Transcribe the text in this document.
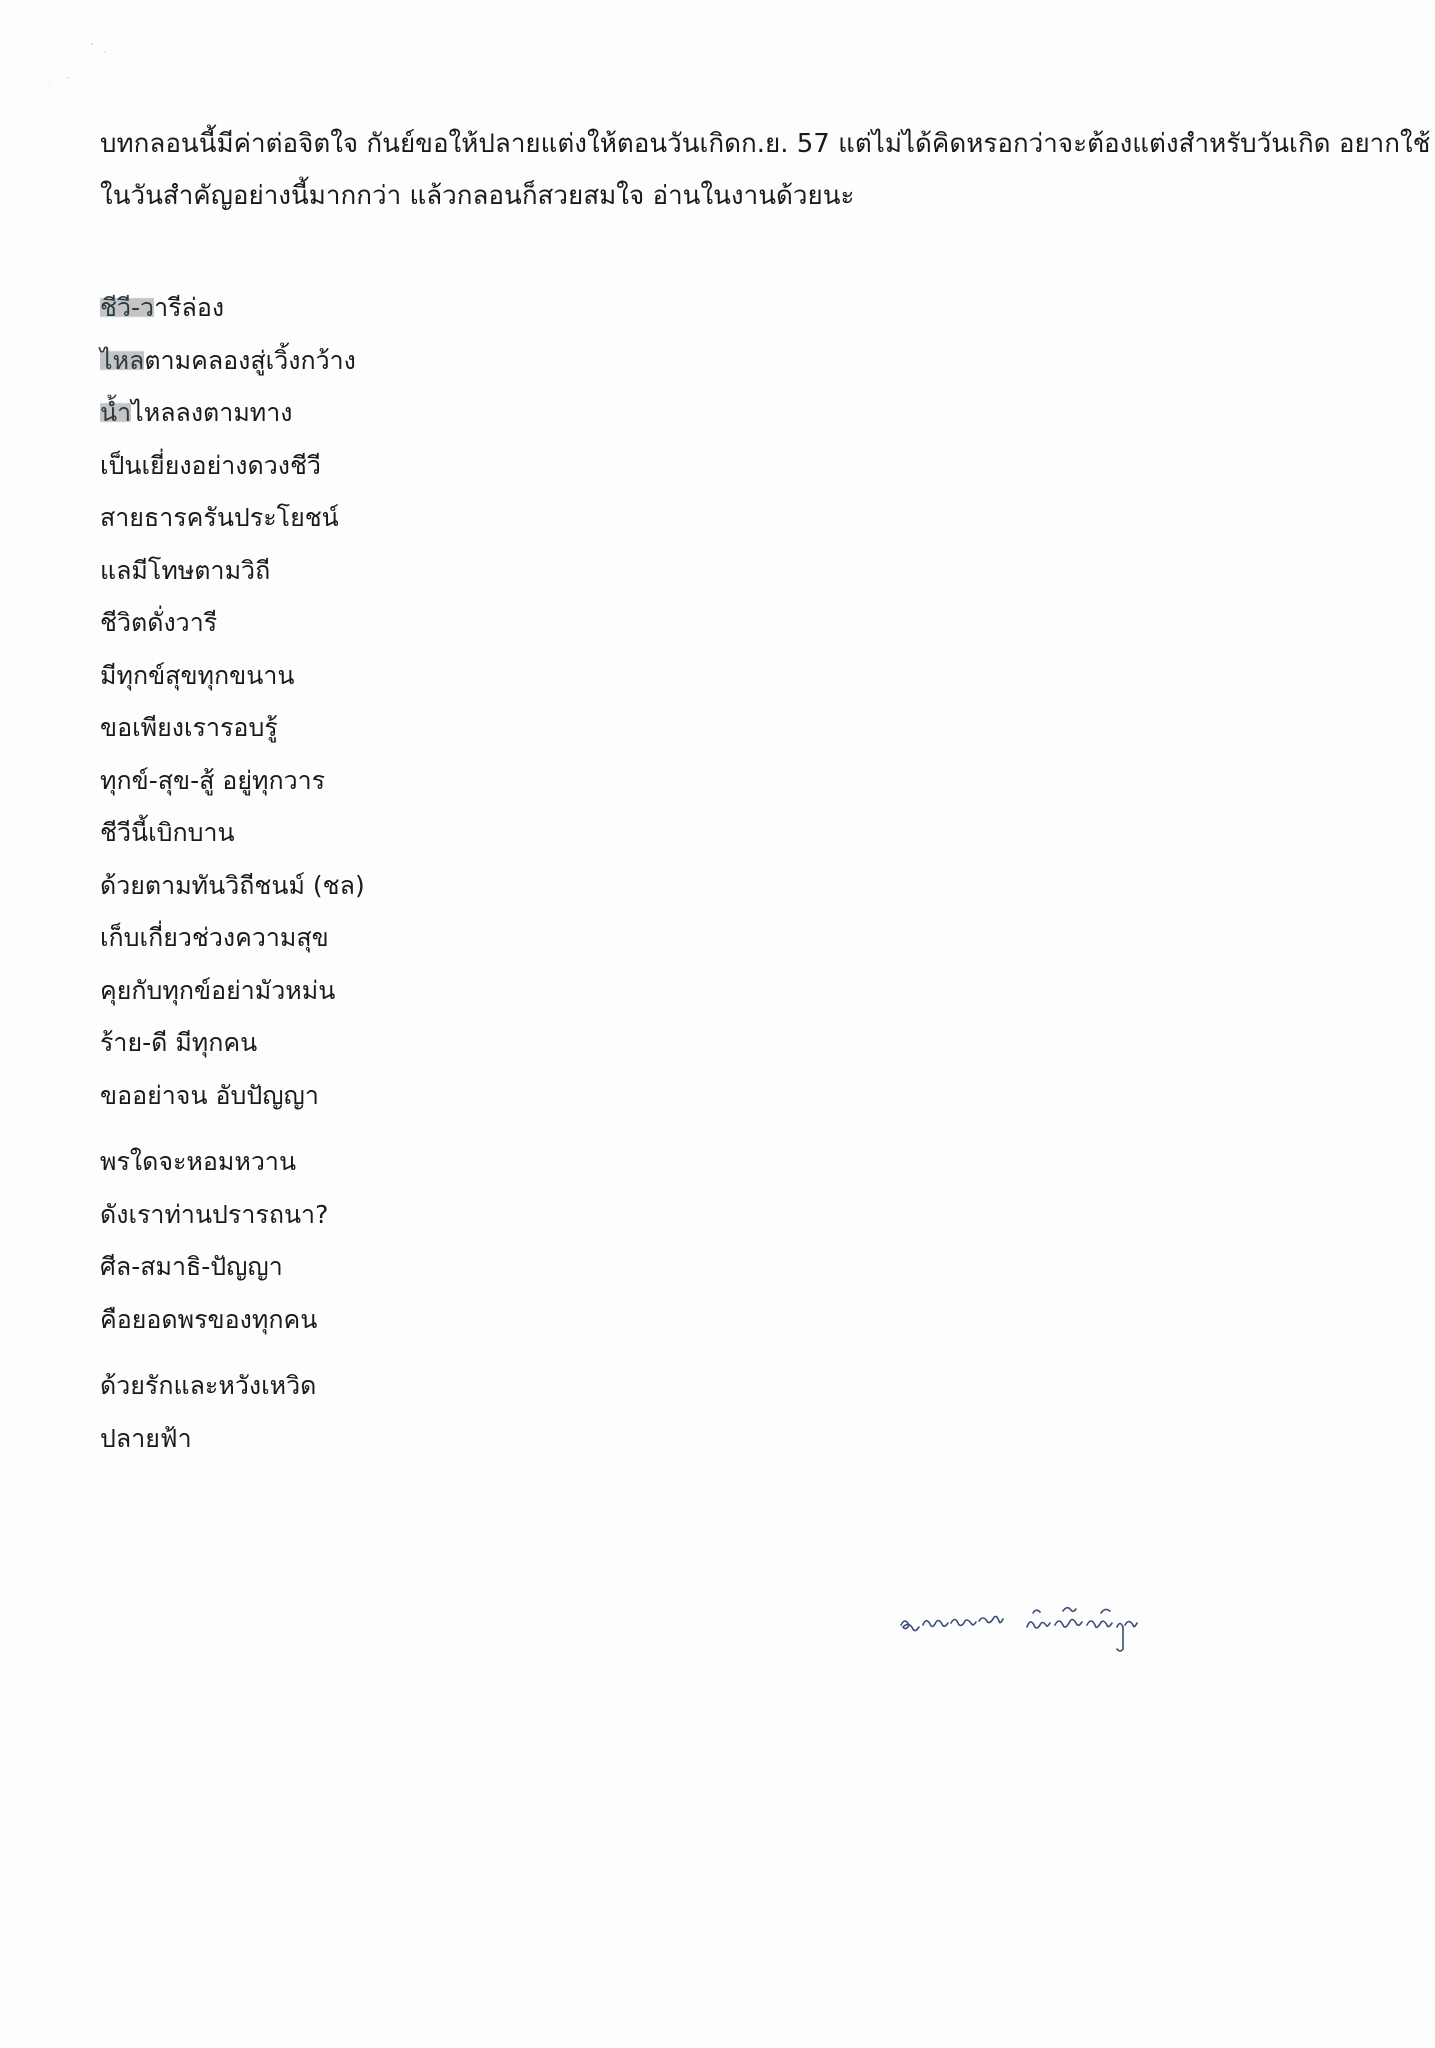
บทกลอนนี้มีค่าต่อจิตใจ กันย์ขอให้ปลายแต่งให้ตอนวันเกิดก.ย. 57 แต่ไม่ได้คิดหรอกว่าจะต้องแต่งสำหรับวันเกิด อยากใช้

ในวันสำคัญอย่างนี้มากกว่า แล้วกลอนก็สวยสมใจ อ่านในงานด้วยนะ

ชีวี-วารีล่อง
ไหลตามคลองสู่เวิ้งกว้าง
น้ำไหลลงตามทาง
เป็นเยี่ยงอย่างดวงชีวี
สายธารครันประโยชน์
แลมีโทษตามวิถี
ชีวิตดั่งวารี
มีทุกข์สุขทุกขนาน
ขอเพียงเรารอบรู้
ทุกข์-สุข-สู้ อยู่ทุกวาร
ชีวีนี้เบิกบาน
ด้วยตามทันวิถีชนม์ (ชล)
เก็บเกี่ยวช่วงความสุข
คุยกับทุกข์อย่ามัวหม่น
ร้าย-ดี มีทุกคน
ขออย่าจน อับปัญญา
พรใดจะหอมหวาน
ดังเราท่านปรารถนา?
ศีล-สมาธิ-ปัญญา
คือยอดพรของทุกคน
ด้วยรักและหวังเหวิด
ปลายฟ้า
